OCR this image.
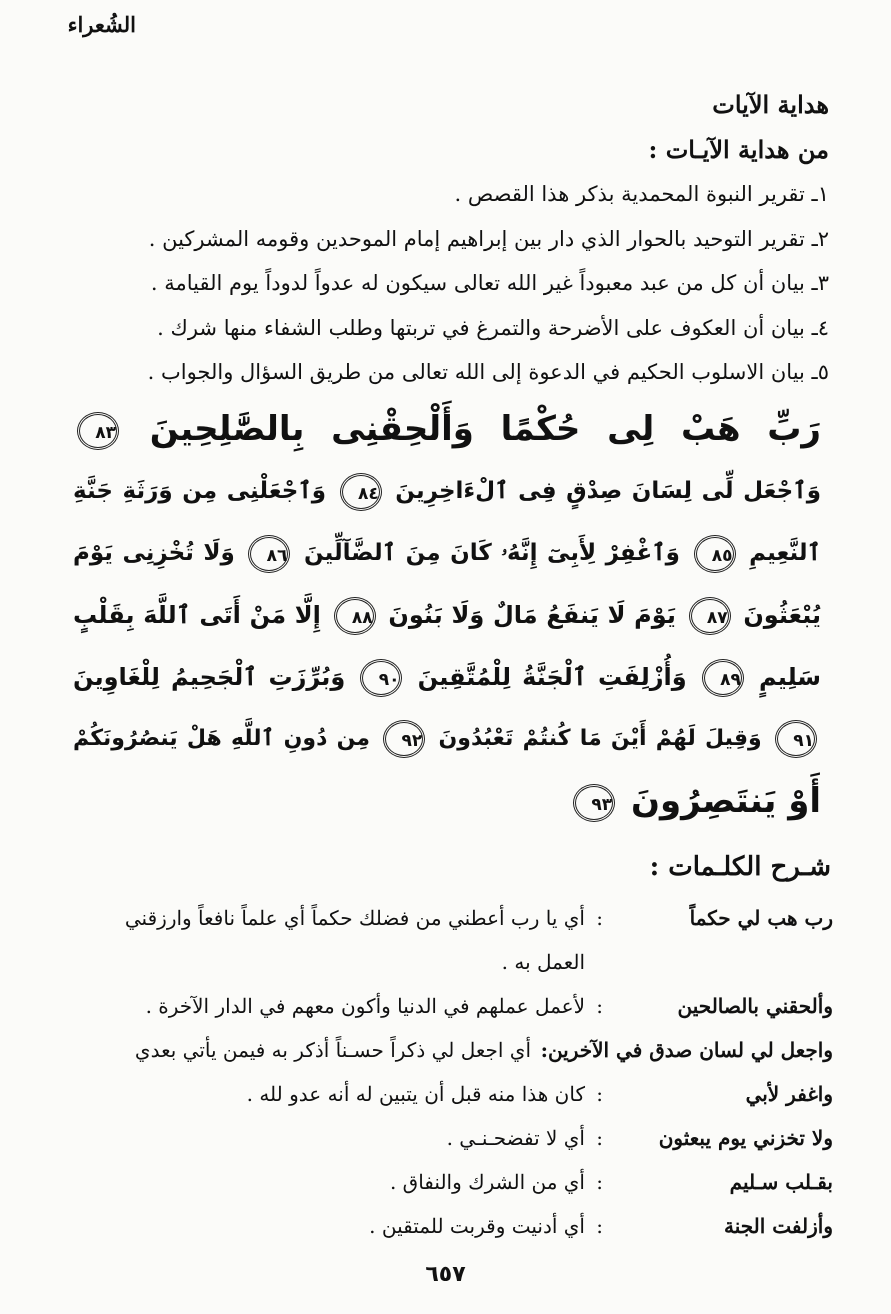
الشُعراء
هداية الآيات
من هداية الآيـات :
١ـ تقرير النبوة المحمدية بذكر هذا القصص .
٢ـ تقرير التوحيد بالحوار الذي دار بين إبراهيم إمام الموحدين وقومه المشركين .
٣ـ بيان أن كل من عبد معبوداً غير الله تعالى سيكون له عدواً لدوداً يوم القيامة .
٤ـ بيان أن العكوف على الأضرحة والتمرغ في تربتها وطلب الشفاء منها شرك .
٥ـ بيان الاسلوب الحكيم في الدعوة إلى الله تعالى من طريق السؤال والجواب .
رَبِّ هَبْ لِى حُكْمًا وَأَلْحِقْنِى بِالصَّٰلِحِينَ ٨٣
وَٱجْعَل لِّى لِسَانَ صِدْقٍ فِى ٱلْءَاخِرِينَ ٨٤ وَٱجْعَلْنِى مِن وَرَثَةِ جَنَّةِ
ٱلنَّعِيمِ ٨٥ وَٱغْفِرْ لِأَبِىٓ إِنَّهُۥ كَانَ مِنَ ٱلضَّآلِّينَ ٨٦ وَلَا تُخْزِنِى يَوْمَ
يُبْعَثُونَ ٨٧ يَوْمَ لَا يَنفَعُ مَالٌ وَلَا بَنُونَ ٨٨ إِلَّا مَنْ أَتَى ٱللَّهَ بِقَلْبٍ
سَلِيمٍ ٨٩ وَأُزْلِفَتِ ٱلْجَنَّةُ لِلْمُتَّقِينَ ٩٠ وَبُرِّزَتِ ٱلْجَحِيمُ لِلْغَاوِينَ
٩١ وَقِيلَ لَهُمْ أَيْنَ مَا كُنتُمْ تَعْبُدُونَ ٩٢ مِن دُونِ ٱللَّهِ هَلْ يَنصُرُونَكُمْ
أَوْ يَنتَصِرُونَ ٩٣
شـرح الكلـمات :
رب هب لي حكماً
:
أي يا رب أعطني من فضلك حكماً أي علماً نافعاً وارزقني
العمل به .
وألحقني بالصالحين
:
لأعمل عملهم في الدنيا وأكون معهم في الدار الآخرة .
واجعل لي لسان صدق في الآخرين:
أي اجعل لي ذكراً حسـناً أذكر به فيمن يأتي بعدي
واغفر لأبي
:
كان هذا منه قبل أن يتبين له أنه عدو لله .
ولا تخزني يوم يبعثون
:
أي لا تفضحـنـي .
بقـلب سـليم
:
أي من الشرك والنفاق .
وأزلفت الجنة
:
أي أدنيت وقربت للمتقين .
٦٥٧
